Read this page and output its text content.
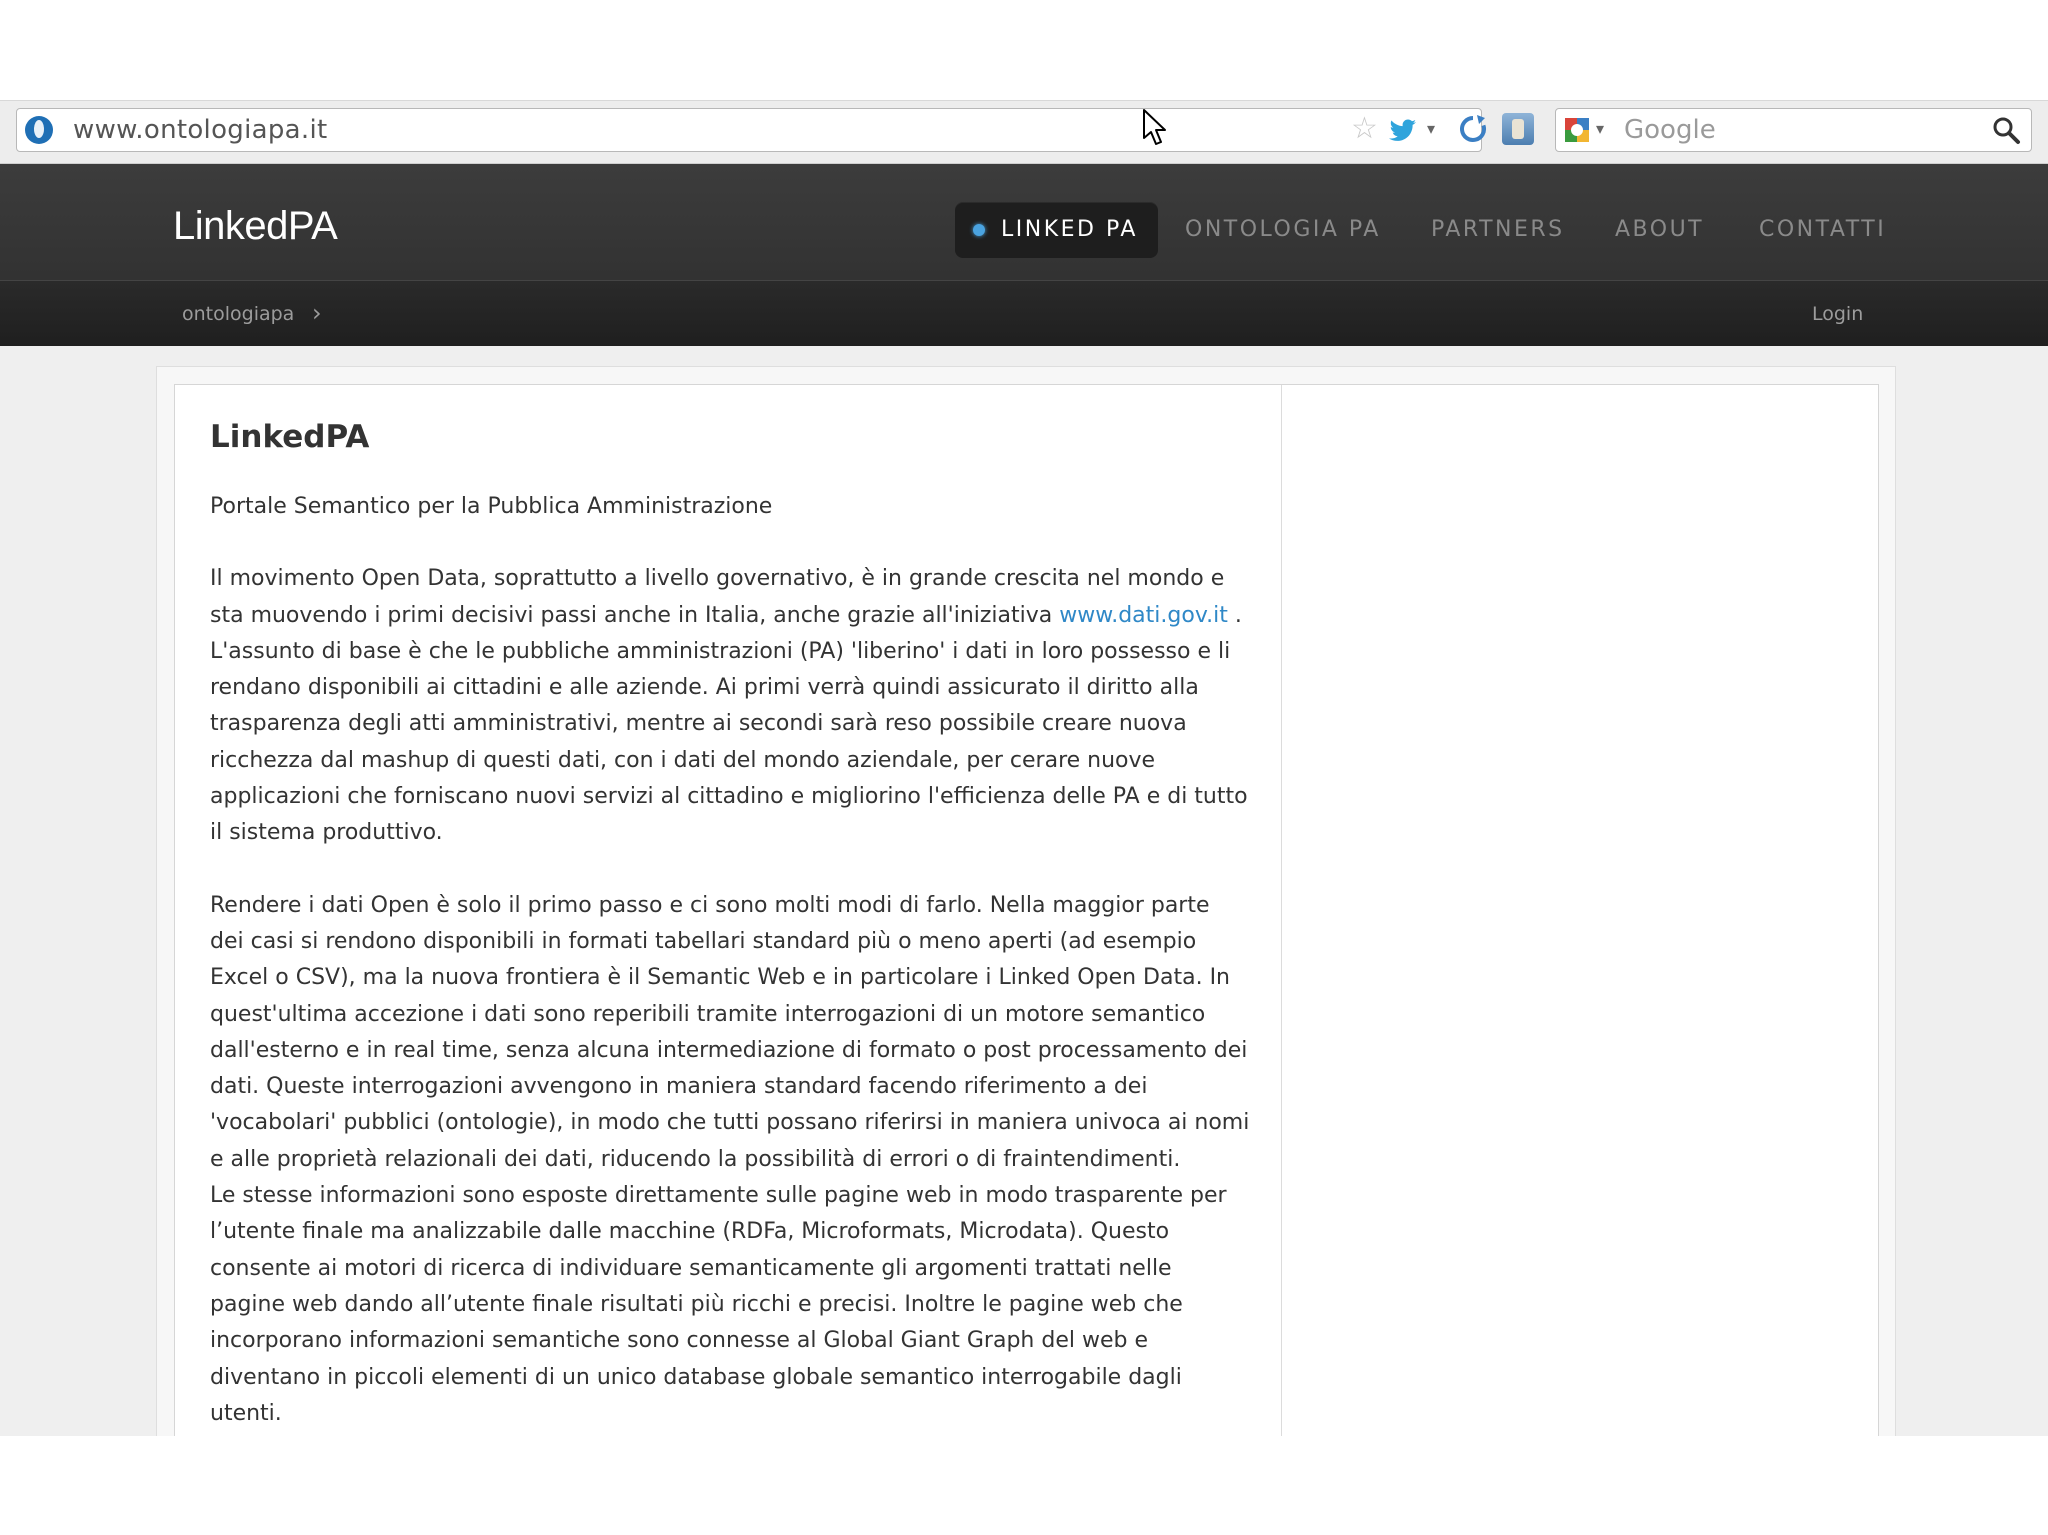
www.ontologiapa.it	☆	▾	▾ Google
LinkedPA	LINKED PA	ONTOLOGIA PA PARTNERS ABOUT CONTATTI
ontologiapa ›	Login
LinkedPA

Portale Semantico per la Pubblica Amministrazione

Il movimento Open Data, soprattutto a livello governativo, è in grande crescita nel mondo e sta muovendo i primi decisivi passi anche in Italia, anche grazie all'iniziativa www.dati.gov.it . L'assunto di base è che le pubbliche amministrazioni (PA) 'liberino' i dati in loro possesso e li rendano disponibili ai cittadini e alle aziende. Ai primi verrà quindi assicurato il diritto alla trasparenza degli atti amministrativi, mentre ai secondi sarà reso possibile creare nuova ricchezza dal mashup di questi dati, con i dati del mondo aziendale, per cerare nuove applicazioni che forniscano nuovi servizi al cittadino e migliorino l'efficienza delle PA e di tutto il sistema produttivo.

Rendere i dati Open è solo il primo passo e ci sono molti modi di farlo. Nella maggior parte dei casi si rendono disponibili in formati tabellari standard più o meno aperti (ad esempio Excel o CSV), ma la nuova frontiera è il Semantic Web e in particolare i Linked Open Data. In quest'ultima accezione i dati sono reperibili tramite interrogazioni di un motore semantico dall'esterno e in real time, senza alcuna intermediazione di formato o post processamento dei dati. Queste interrogazioni avvengono in maniera standard facendo riferimento a dei 'vocabolari' pubblici (ontologie), in modo che tutti possano riferirsi in maniera univoca ai nomi e alle proprietà relazionali dei dati, riducendo la possibilità di errori o di fraintendimenti.

Le stesse informazioni sono esposte direttamente sulle pagine web in modo trasparente per l’utente finale ma analizzabile dalle macchine (RDFa, Microformats, Microdata). Questo consente ai motori di ricerca di individuare semanticamente gli argomenti trattati nelle pagine web dando all’utente finale risultati più ricchi e precisi. Inoltre le pagine web che incorporano informazioni semantiche sono connesse al Global Giant Graph del web e diventano in piccoli elementi di un unico database globale semantico interrogabile dagli utenti.
